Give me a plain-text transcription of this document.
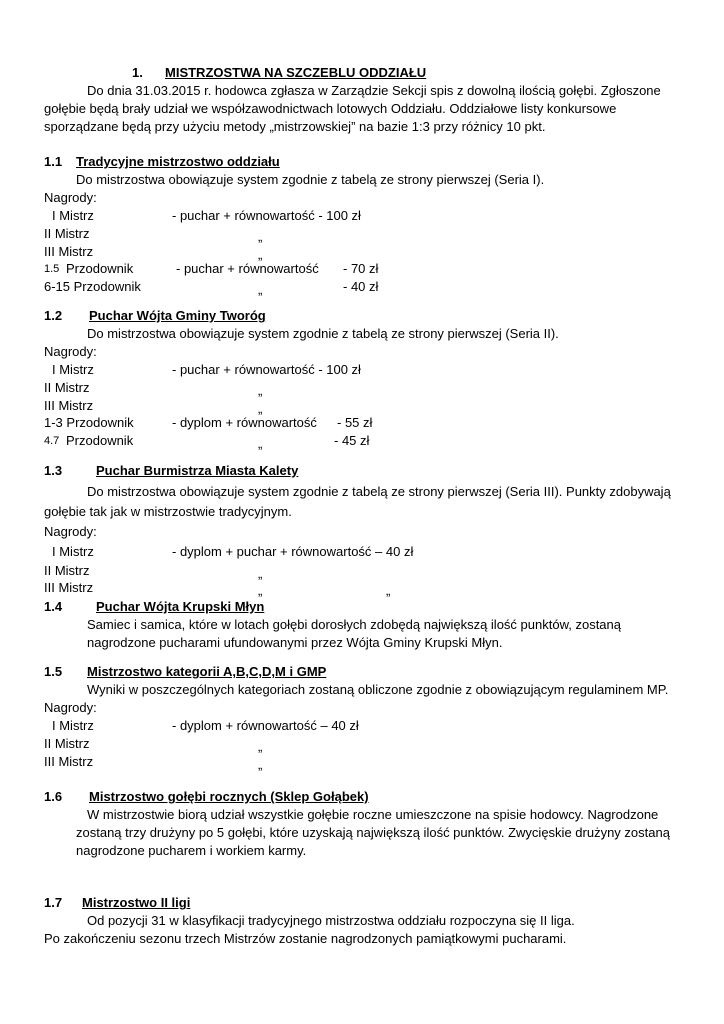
1. MISTRZOSTWA NA SZCZEBLU ODDZIAŁU
Do dnia 31.03.2015 r. hodowca zgłasza w Zarządzie Sekcji spis z dowolną ilością gołębi. Zgłoszone
gołębie będą brały udział we współzawodnictwach lotowych Oddziału. Oddziałowe listy konkursowe
sporządzane będą przy użyciu metody „mistrzowskiej” na bazie 1:3 przy różnicy 10 pkt.
1.1 Tradycyjne mistrzostwo oddziału
Do mistrzostwa obowiązuje system zgodnie z tabelą ze strony pierwszej (Seria I).
Nagrody:
I Mistrz	- puchar + równowartość - 100 zł
II Mistrz	„
III Mistrz	„
1.5 Przodownik	- puchar + równowartość - 70 zł
6-15 Przodownik	„	- 40 zł
1.2 Puchar Wójta Gminy Tworóg
Do mistrzostwa obowiązuje system zgodnie z tabelą ze strony pierwszej (Seria II).
Nagrody:
I Mistrz	- puchar + równowartość - 100 zł
II Mistrz	„
III Mistrz	„
1-3 Przodownik	- dyplom + równowartość - 55 zł
4.7 Przodownik	„	- 45 zł
1.3	Puchar Burmistrza Miasta Kalety
Do mistrzostwa obowiązuje system zgodnie z tabelą ze strony pierwszej (Seria III). Punkty zdobywają
gołębie tak jak w mistrzostwie tradycyjnym.
Nagrody:
I Mistrz	- dyplom + puchar + równowartość – 40 zł
II Mistrz	„
III Mistrz	„	„
1.4	Puchar Wójta Krupski Młyn
Samiec i samica, które w lotach gołębi dorosłych zdobędą największą ilość punktów, zostaną
nagrodzone pucharami ufundowanymi przez Wójta Gminy Krupski Młyn.
1.5 Mistrzostwo kategorii A,B,C,D,M i GMP
Wyniki w poszczególnych kategoriach zostaną obliczone zgodnie z obowiązującym regulaminem MP.
Nagrody:
I Mistrz	- dyplom + równowartość – 40 zł
II Mistrz	„
III Mistrz	„
1.6 Mistrzostwo gołębi rocznych (Sklep Gołąbek)
W mistrzostwie biorą udział wszystkie gołębie roczne umieszczone na spisie hodowcy. Nagrodzone
zostaną trzy drużyny po 5 gołębi, które uzyskają największą ilość punktów. Zwycięskie drużyny zostaną
nagrodzone pucharem i workiem karmy.
1.7 Mistrzostwo II ligi
Od pozycji 31 w klasyfikacji tradycyjnego mistrzostwa oddziału rozpoczyna się II liga.
Po zakończeniu sezonu trzech Mistrzów zostanie nagrodzonych pamiątkowymi pucharami.
